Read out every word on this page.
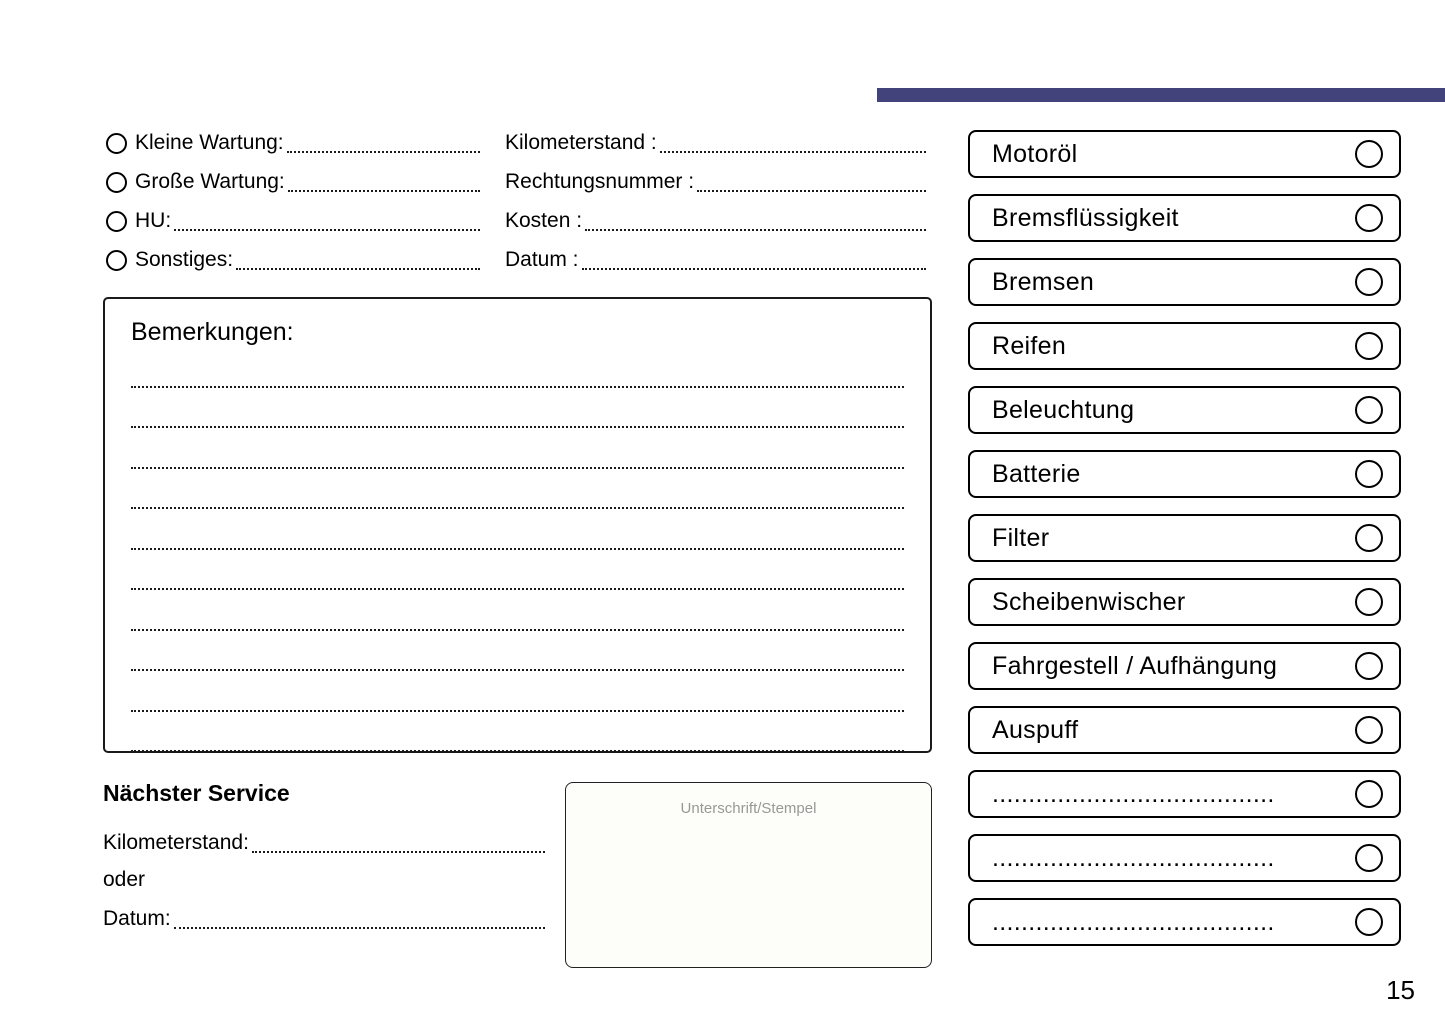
Kleine Wartung:
Große Wartung:
HU:
Sonstiges:
Kilometerstand :
Rechtungsnummer :
Kosten :
Datum :
Bemerkungen:
Nächster Service
Kilometerstand:
oder
Datum:
Unterschrift/Stempel
Motoröl
Bremsflüssigkeit
Bremsen
Reifen
Beleuchtung
Batterie
Filter
Scheibenwischer
Fahrgestell / Aufhängung
Auspuff
.......................................
.......................................
.......................................
15
